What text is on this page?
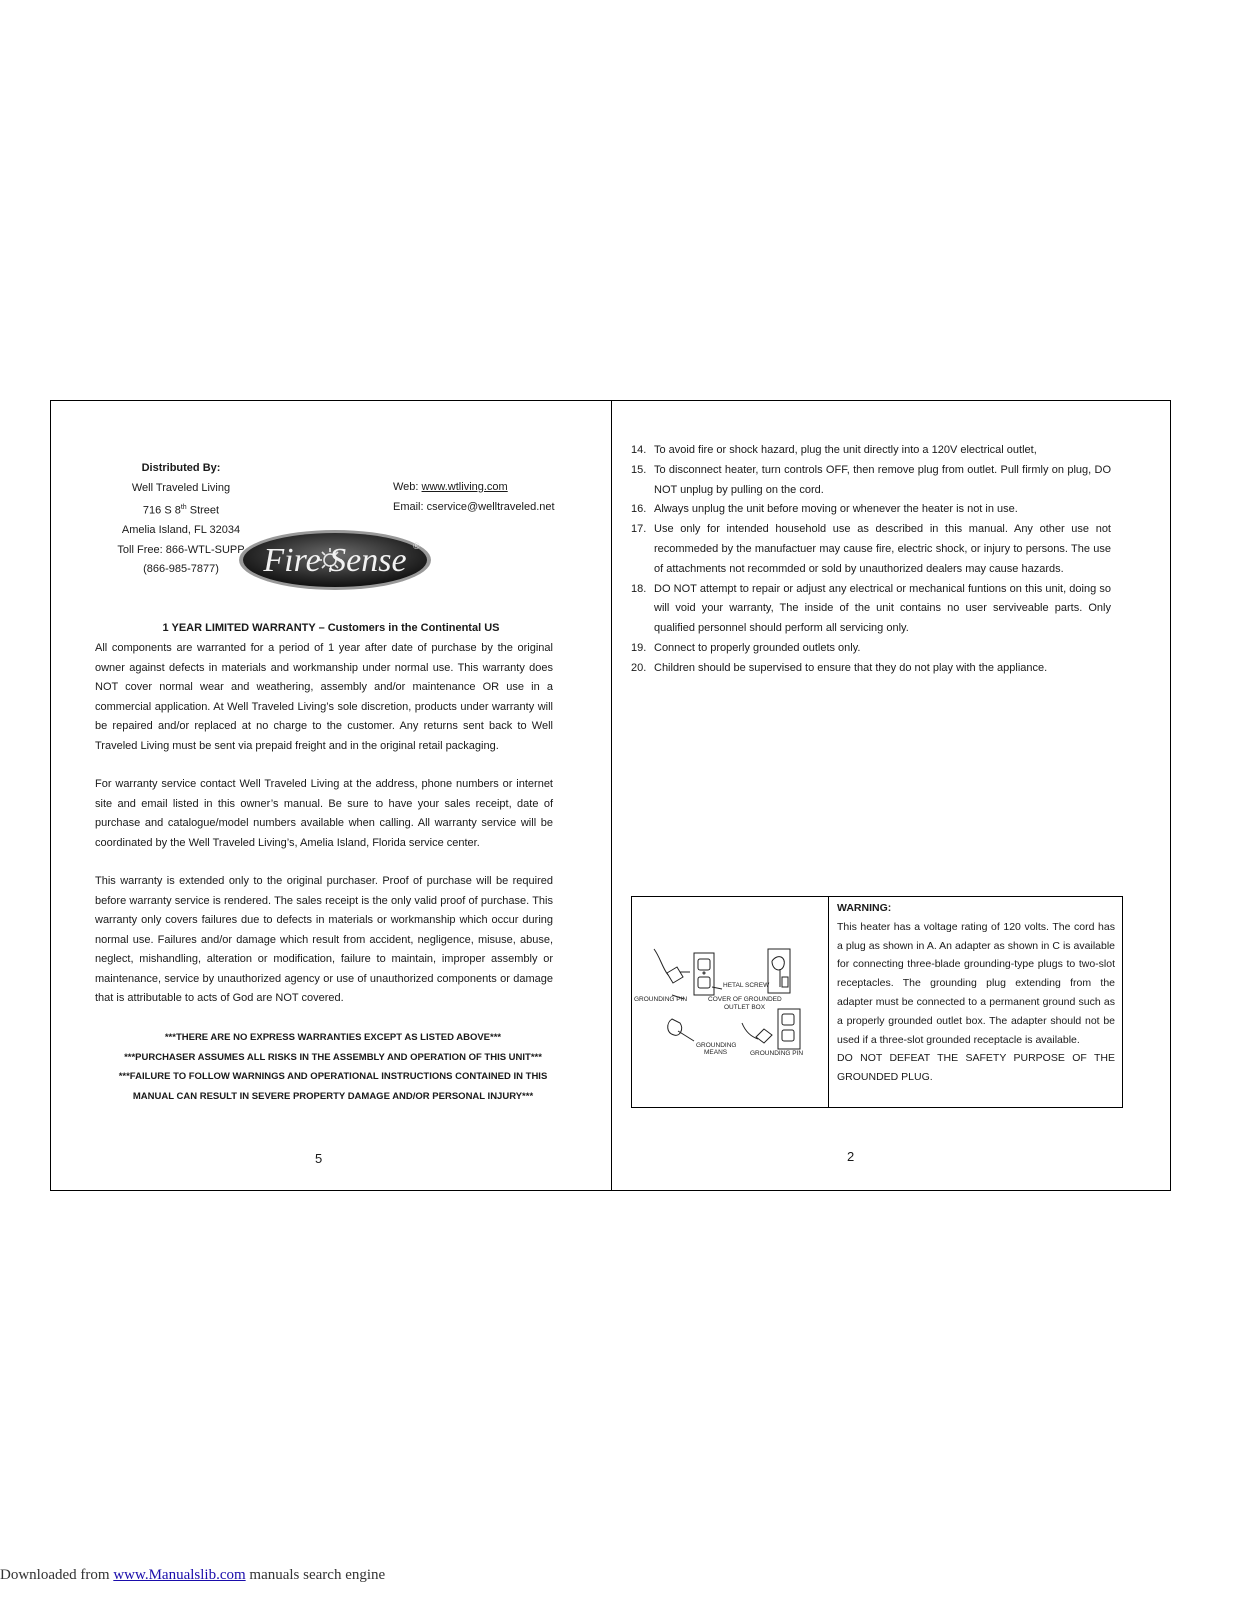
Distributed By:
Well Traveled Living
716 S 8th Street
Amelia Island, FL 32034
Toll Free: 866-WTL-SUPP
(866-985-7877)
Web: www.wtliving.com
Email: cservice@welltraveled.net
Fire Sense ®
1 YEAR LIMITED WARRANTY – Customers in the Continental US
All components are warranted for a period of 1 year after date of purchase by the original owner against defects in materials and workmanship under normal use. This warranty does NOT cover normal wear and weathering, assembly and/or maintenance OR use in a commercial application. At Well Traveled Living’s sole discretion, products under warranty will be repaired and/or replaced at no charge to the customer. Any returns sent back to Well Traveled Living must be sent via prepaid freight and in the original retail packaging.
For warranty service contact Well Traveled Living at the address, phone numbers or internet site and email listed in this owner’s manual. Be sure to have your sales receipt, date of purchase and catalogue/model numbers available when calling. All warranty service will be coordinated by the Well Traveled Living’s, Amelia Island, Florida service center.
This warranty is extended only to the original purchaser. Proof of purchase will be required before warranty service is rendered. The sales receipt is the only valid proof of purchase. This warranty only covers failures due to defects in materials or workmanship which occur during normal use. Failures and/or damage which result from accident, negligence, misuse, abuse, neglect, mishandling, alteration or modification, failure to maintain, improper assembly or maintenance, service by unauthorized agency or use of unauthorized components or damage that is attributable to acts of God are NOT covered.
***THERE ARE NO EXPRESS WARRANTIES EXCEPT AS LISTED ABOVE***
***PURCHASER ASSUMES ALL RISKS IN THE ASSEMBLY AND OPERATION OF THIS UNIT***
***FAILURE TO FOLLOW WARNINGS AND OPERATIONAL INSTRUCTIONS CONTAINED IN THIS
MANUAL CAN RESULT IN SEVERE PROPERTY DAMAGE AND/OR PERSONAL INJURY***
5
14. To avoid fire or shock hazard, plug the unit directly into a 120V electrical outlet,
15. To disconnect heater, turn controls OFF, then remove plug from outlet. Pull firmly on plug, DO NOT unplug by pulling on the cord.
16. Always unplug the unit before moving or whenever the heater is not in use.
17. Use only for intended household use as described in this manual. Any other use not recommeded by the manufactuer may cause fire, electric shock, or injury to persons. The use of attachments not recommded or sold by unauthorized dealers may cause hazards.
18. DO NOT attempt to repair or adjust any electrical or mechanical funtions on this unit, doing so will void your warranty, The inside of the unit contains no user serviveable parts. Only qualified personnel should perform all servicing only.
19. Connect to properly grounded outlets only.
20. Children should be supervised to ensure that they do not play with the appliance.
GROUNDING PIN
HETAL SCREW
COVER OF GROUNDED
OUTLET BOX
GROUNDING
MEANS	GROUNDING PIN
WARNING:
This heater has a voltage rating of 120 volts. The cord has a plug as shown in A. An adapter as shown in C is available for connecting three-blade grounding-type plugs to two-slot receptacles. The grounding plug extending from the adapter must be connected to a permanent ground such as a properly grounded outlet box. The adapter should not be used if a three-slot grounded receptacle is available.
DO NOT DEFEAT THE SAFETY PURPOSE OF THE GROUNDED PLUG.
2
Downloaded from www.Manualslib.com manuals search engine
